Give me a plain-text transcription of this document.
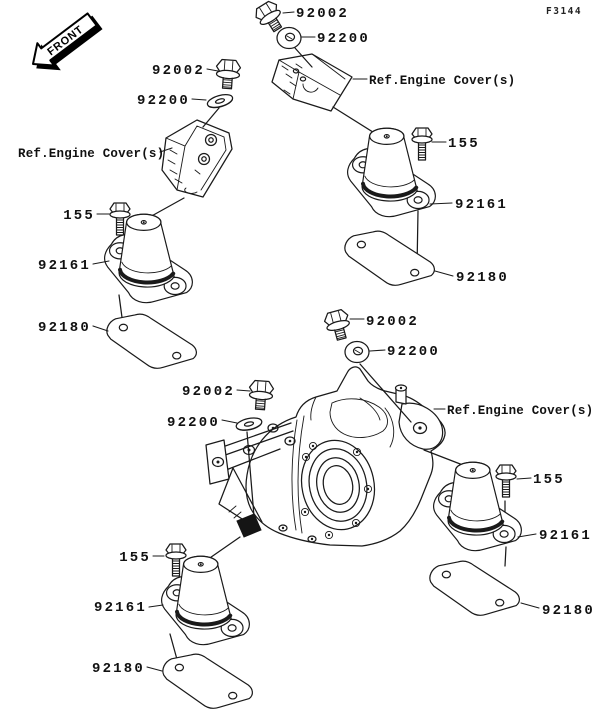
92002
92200
Ref.Engine Cover(s)
155
92161
92180
92002
92200
Ref.Engine Cover(s)
155
92161
92180	92002
92200
92002
92200
Ref.Engine Cover(s)
155
92161
92180
155
92161
92180
F3144
FRONT
